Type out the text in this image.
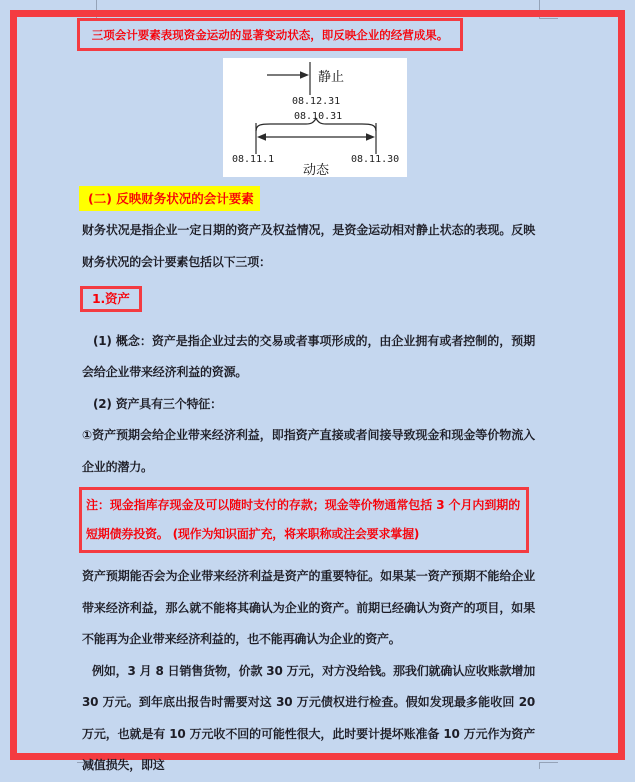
三项会计要素表现资金运动的显著变动状态，即反映企业的经营成果。
08.12.31
08.10.31
08.11.1	08.11.30
静止
动态
(二) 反映财务状况的会计要素

财务状况是指企业一定日期的资产及权益情况，是资金运动相对静止状态的表现。反映财务状况的会计要素包括以下三项：

1.资产

(1) 概念：资产是指企业过去的交易或者事项形成的，由企业拥有或者控制的，预期会给企业带来经济利益的资源。

(2) 资产具有三个特征：

①资产预期会给企业带来经济利益，即指资产直接或者间接导致现金和现金等价物流入企业的潜力。

注：现金指库存现金及可以随时支付的存款；现金等价物通常包括 3 个月内到期的短期债券投资。 (现作为知识面扩充，将来职称或注会要求掌握)

资产预期能否会为企业带来经济利益是资产的重要特征。如果某一资产预期不能给企业带来经济利益，那么就不能将其确认为企业的资产。前期已经确认为资产的项目，如果不能再为企业带来经济利益的，也不能再确认为企业的资产。

例如，3 月 8 日销售货物，价款 30 万元，对方没给钱。那我们就确认应收账款增加 30 万元。到年底出报告时需要对这 30 万元债权进行检查。假如发现最多能收回 20 万元，也就是有 10 万元收不回的可能性很大，此时要计提坏账准备 10 万元作为资产减值损失，即这
